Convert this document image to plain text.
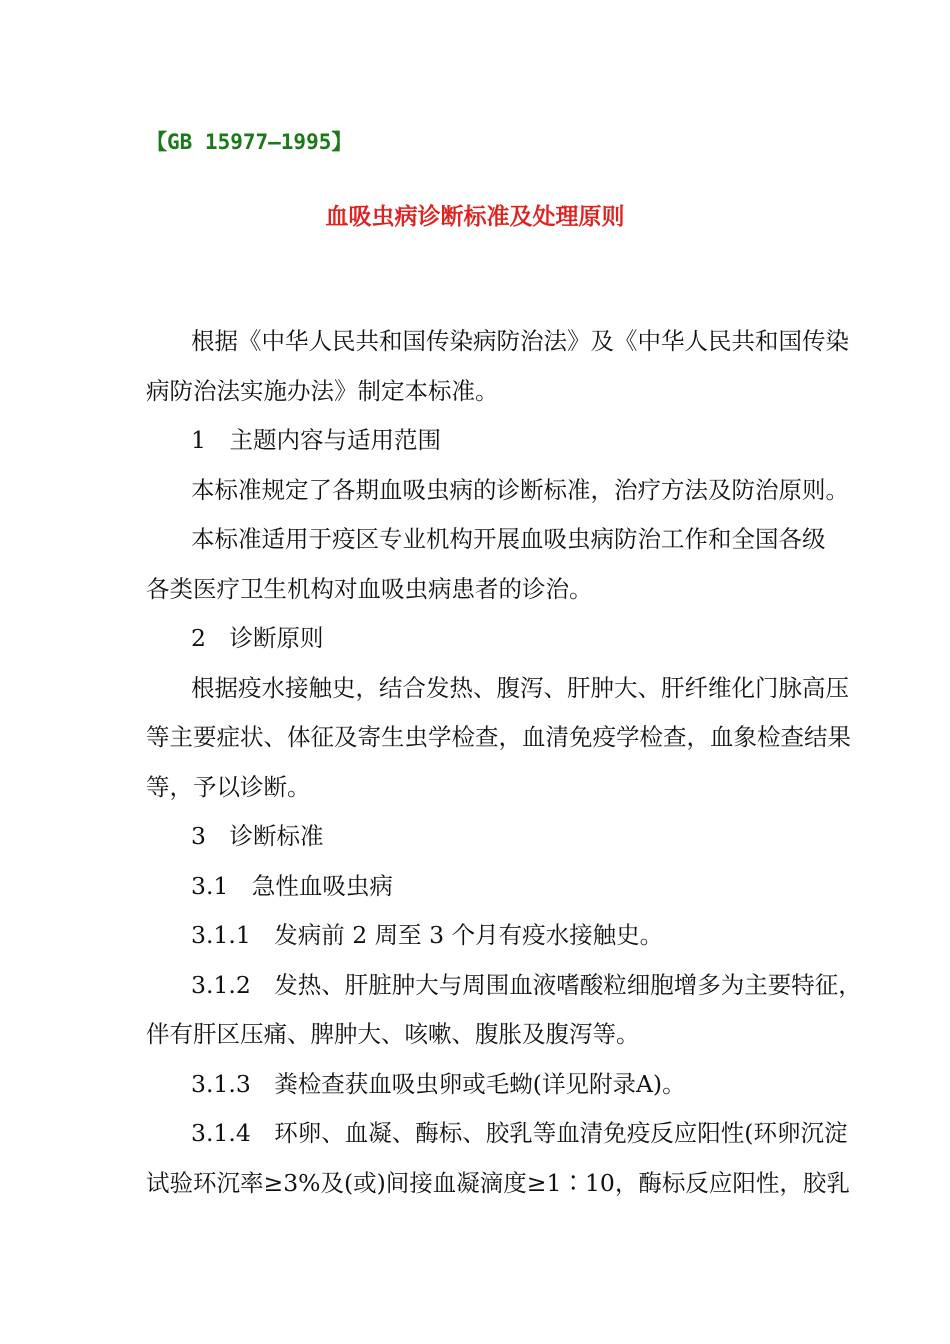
【GB 15977—1995】
血吸虫病诊断标准及处理原则
根据《中华人民共和国传染病防治法》及《中华人民共和国传染
病防治法实施办法》制定本标准。
1　主题内容与适用范围
本标准规定了各期血吸虫病的诊断标准，治疗方法及防治原则。
本标准适用于疫区专业机构开展血吸虫病防治工作和全国各级
各类医疗卫生机构对血吸虫病患者的诊治。
2　诊断原则
根据疫水接触史，结合发热、腹泻、肝肿大、肝纤维化门脉高压
等主要症状、体征及寄生虫学检查，血清免疫学检查，血象检查结果
等，予以诊断。
3　诊断标准
3.1　急性血吸虫病
3.1.1　发病前 2 周至 3 个月有疫水接触史。
3.1.2　发热、肝脏肿大与周围血液嗜酸粒细胞增多为主要特征，
伴有肝区压痛、脾肿大、咳嗽、腹胀及腹泻等。
3.1.3　粪检查获血吸虫卵或毛蚴(详见附录A)。
3.1.4　环卵、血凝、酶标、胶乳等血清免疫反应阳性(环卵沉淀
试验环沉率≥3%及(或)间接血凝滴度≥1∶10，酶标反应阳性，胶乳
